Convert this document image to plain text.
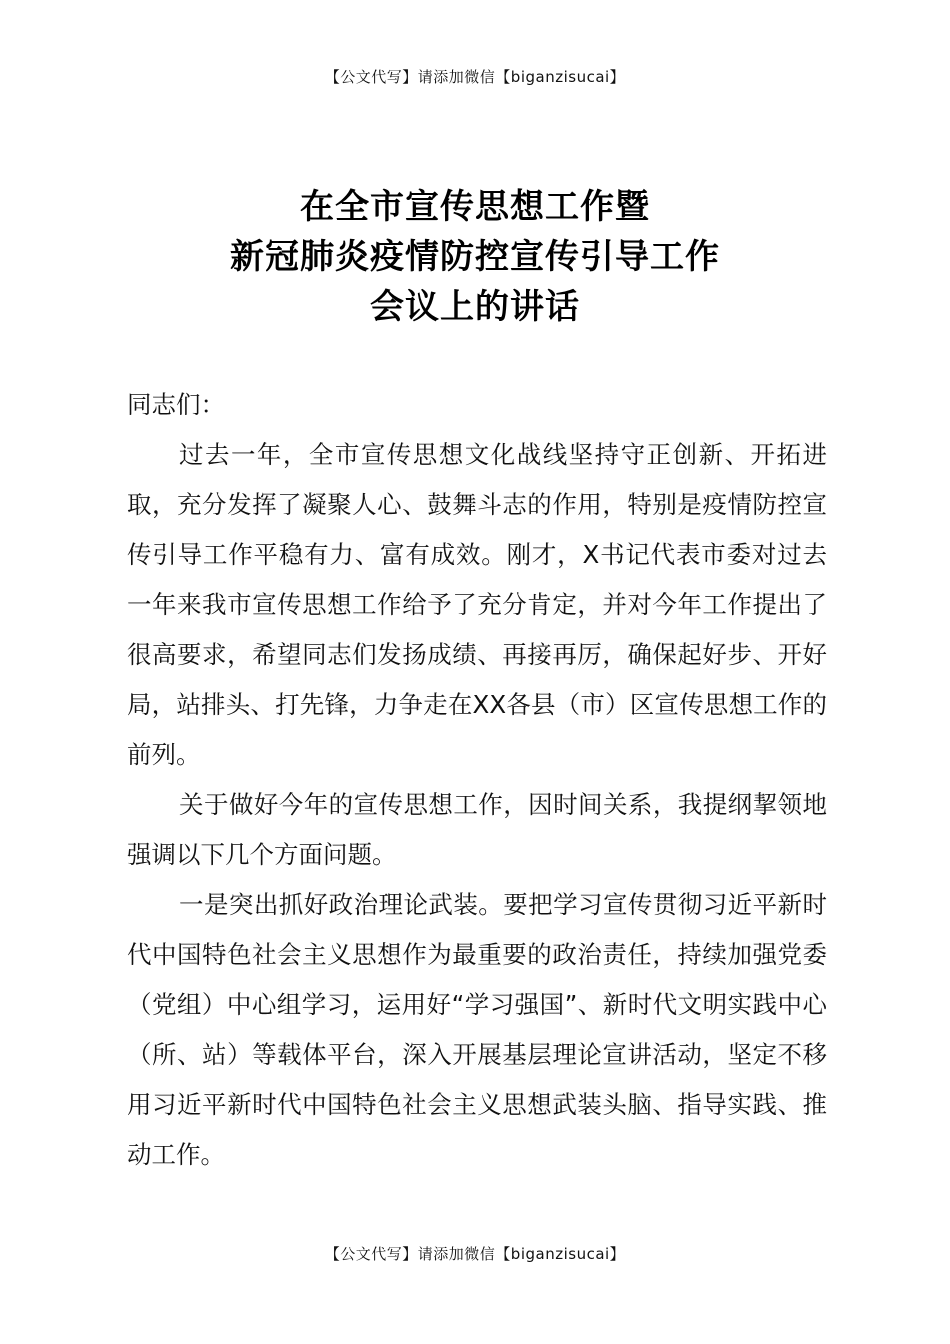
【公文代写】请添加微信【biganzisucai】
在全市宣传思想工作暨
新冠肺炎疫情防控宣传引导工作
会议上的讲话

同志们：

过去一年，全市宣传思想文化战线坚持守正创新、开拓进取，充分发挥了凝聚人心、鼓舞斗志的作用，特别是疫情防控宣传引导工作平稳有力、富有成效。刚才，X书记代表市委对过去一年来我市宣传思想工作给予了充分肯定，并对今年工作提出了很高要求，希望同志们发扬成绩、再接再厉，确保起好步、开好局，站排头、打先锋，力争走在XX各县（市）区宣传思想工作的前列。

关于做好今年的宣传思想工作，因时间关系，我提纲挈领地强调以下几个方面问题。

一是突出抓好政治理论武装。要把学习宣传贯彻习近平新时代中国特色社会主义思想作为最重要的政治责任，持续加强党委（党组）中心组学习，运用好“学习强国”、新时代文明实践中心（所、站）等载体平台，深入开展基层理论宣讲活动，坚定不移用习近平新时代中国特色社会主义思想武装头脑、指导实践、推动工作。

【公文代写】请添加微信【biganzisucai】
